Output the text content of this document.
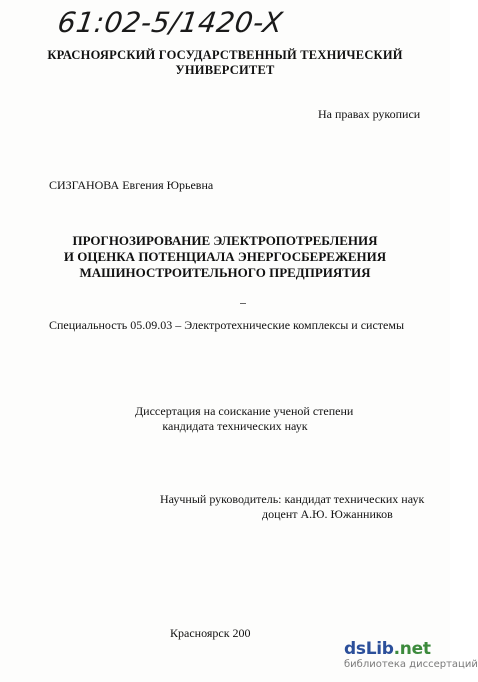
61:02-5/1420-X
КРАСНОЯРСКИЙ ГОСУДАРСТВЕННЫЙ ТЕХНИЧЕСКИЙ
УНИВЕРСИТЕТ
На правах рукописи
СИЗГАНОВА Евгения Юрьевна
ПРОГНОЗИРОВАНИЕ ЭЛЕКТРОПОТРЕБЛЕНИЯ
И ОЦЕНКА ПОТЕНЦИАЛА ЭНЕРГОСБЕРЕЖЕНИЯ
МАШИНОСТРОИТЕЛЬНОГО ПРЕДПРИЯТИЯ
Специальность 05.09.03 – Электротехнические комплексы и системы
Диссертация на соискание ученой степени
кандидата технических наук
Научный руководитель: кандидат технических наук
доцент А.Ю. Южанников
Красноярск 200
dsLib.net
библиотека диссертаций
